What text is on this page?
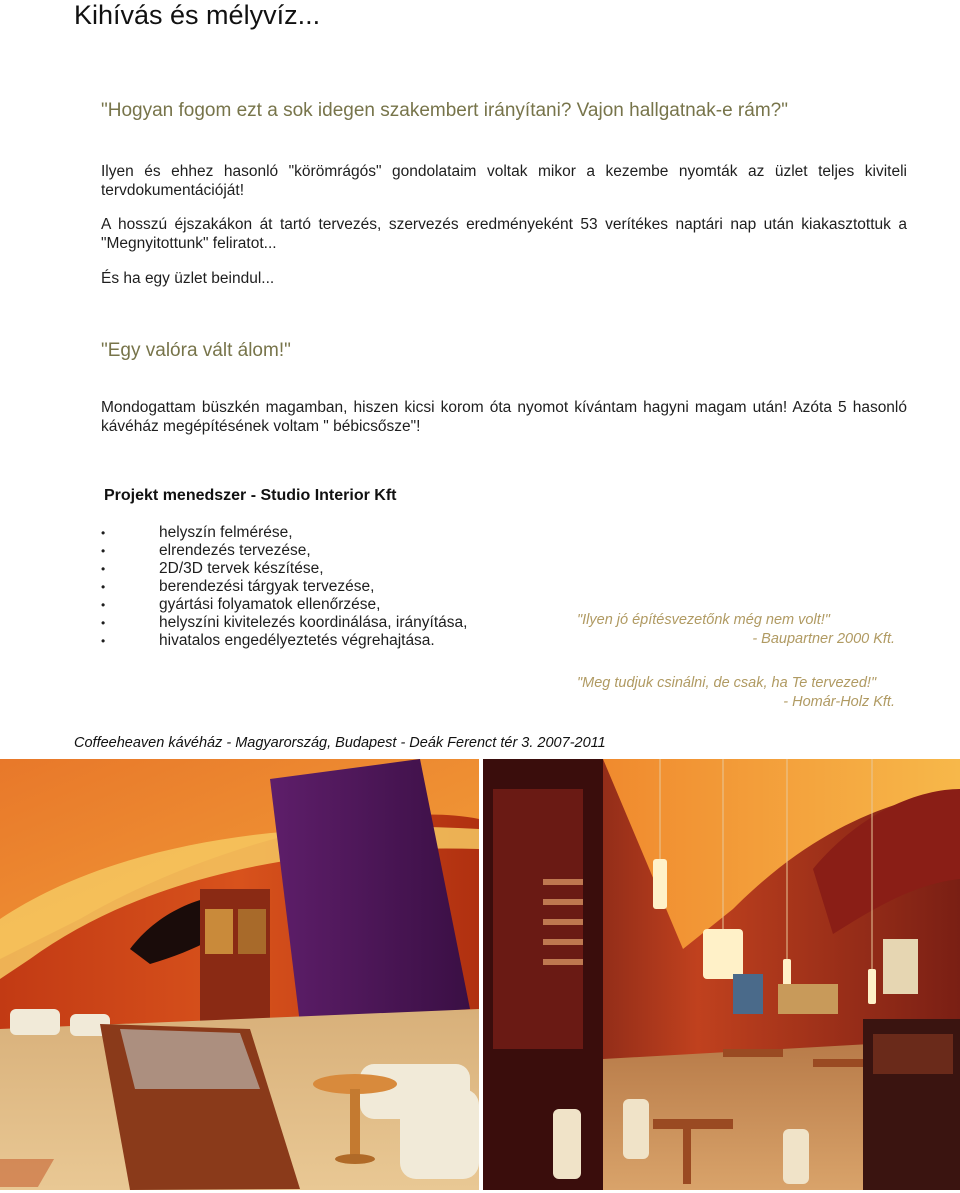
Kihívás és mélyvíz...
"Hogyan fogom ezt a sok idegen szakembert irányítani? Vajon hallgatnak-e rám?"
Ilyen és ehhez hasonló "körömrágós" gondolataim voltak mikor a kezembe nyomták az üzlet teljes kiviteli tervdokumentációját!
A hosszú éjszakákon át tartó tervezés, szervezés eredményeként 53 verítékes naptári nap után kiakasztottuk a "Megnyitottunk" feliratot...
És ha egy üzlet beindul...
"Egy valóra vált álom!"
Mondogattam büszkén magamban, hiszen kicsi korom óta nyomot kívántam hagyni magam után! Azóta 5 hasonló kávéház megépítésének voltam " bébicsősze"!
Projekt menedszer - Studio Interior Kft
•	helyszín felmérése,
•	elrendezés tervezése,
•	2D/3D tervek készítése,
•	berendezési tárgyak tervezése,
•	gyártási folyamatok ellenőrzése,
•	helyszíni kivitelezés koordinálása, irányítása,
•	hivatalos engedélyeztetés végrehajtása.
"Ilyen jó építésvezetőnk még nem volt!"
- Baupartner 2000 Kft.
"Meg tudjuk csinálni, de csak, ha Te tervezed!"
- Homár-Holz Kft.
Coffeeheaven kávéház - Magyarország, Budapest - Deák Ferenct tér 3. 2007-2011
